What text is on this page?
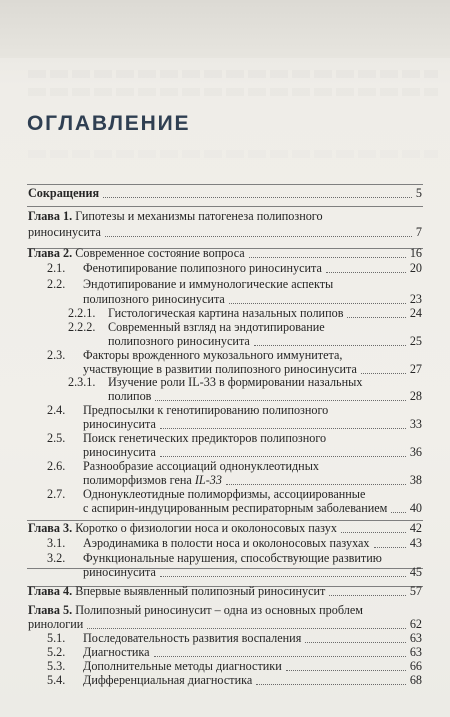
ОГЛАВЛЕНИЕ
Сокращения	5
Глава 1. Гипотезы и механизмы патогенеза полипозного
риносинусита	7
Глава 2. Современное состояние вопроса	16
2.1. Фенотипирование полипозного риносинусита	20
2.2. Эндотипирование и иммунологические аспекты
полипозного риносинусита	23
2.2.1. Гистологическая картина назальных полипов	24
2.2.2. Современный взгляд на эндотипирование
полипозного риносинусита	25
2.3. Факторы врожденного мукозального иммунитета,
участвующие в развитии полипозного риносинусита	27
2.3.1. Изучение роли IL-33 в формировании назальных
полипов	28
2.4. Предпосылки к генотипированию полипозного
риносинусита	33
2.5. Поиск генетических предикторов полипозного
риносинусита	36
2.6. Разнообразие ассоциаций однонуклеотидных
полиморфизмов гена IL-33	38
2.7. Однонуклеотидные полиморфизмы, ассоциированные
с аспирин-индуцированным респираторным заболеванием 40
Глава 3. Коротко о физиологии носа и околоносовых пазух	42
3.1. Аэродинамика в полости носа и околоносовых пазухах	43
3.2. Функциональные нарушения, способствующие развитию
риносинусита	45
Глава 4. Впервые выявленный полипозный риносинусит	57
Глава 5. Полипозный риносинусит – одна из основных проблем
ринологии	62
5.1. Последовательность развития воспаления	63
5.2. Диагностика	63
5.3. Дополнительные методы диагностики	66
5.4. Дифференциальная диагностика	68
